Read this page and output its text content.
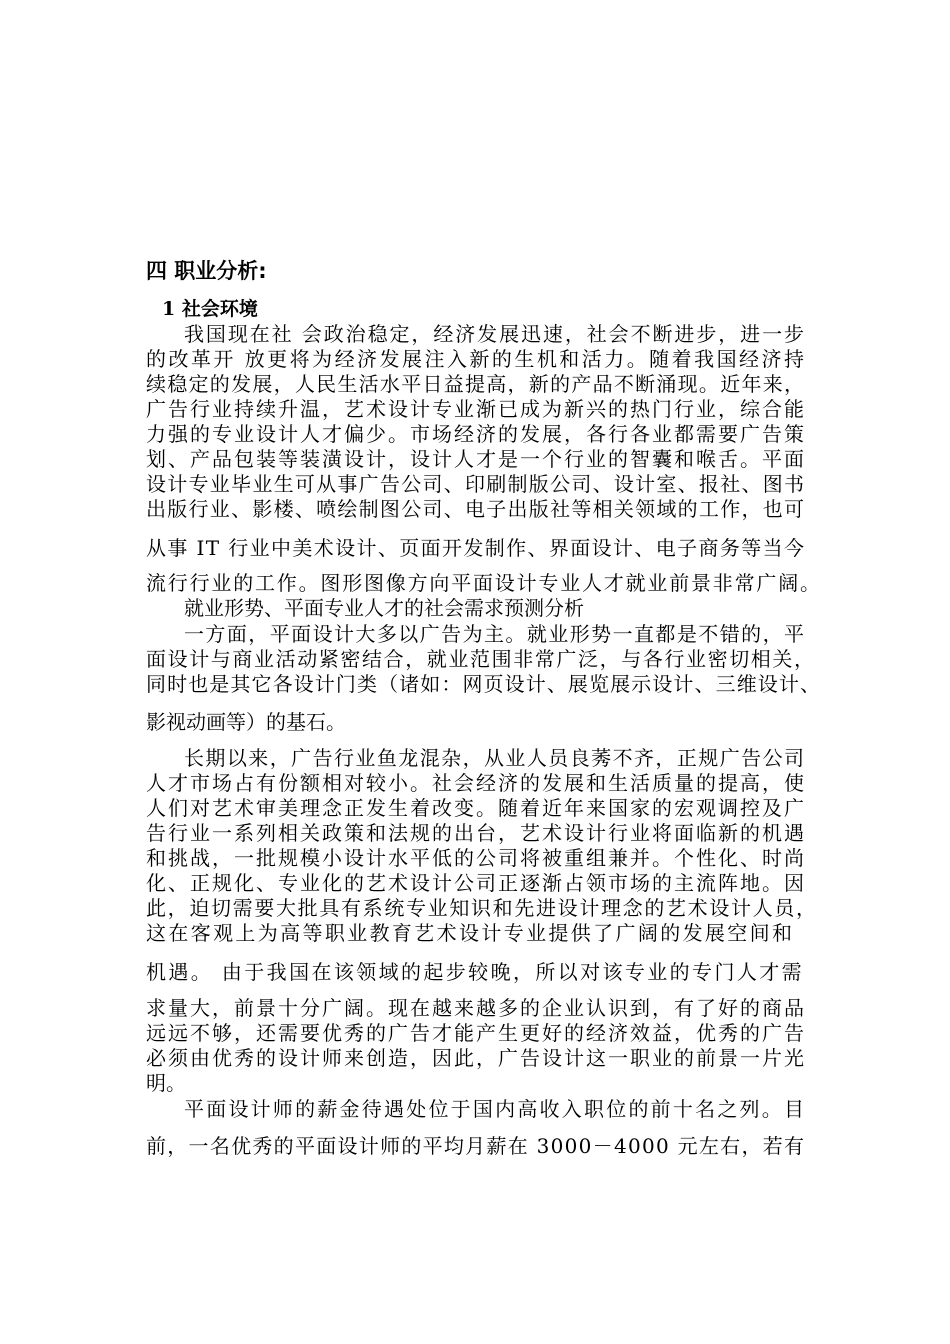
四 职业分析:
1 社会环境
我国现在社 会政治稳定，经济发展迅速，社会不断进步，进一步
的改革开 放更将为经济发展注入新的生机和活力。随着我国经济持
续稳定的发展，人民生活水平日益提高，新的产品不断涌现。近年来，
广告行业持续升温，艺术设计专业渐已成为新兴的热门行业，综合能
力强的专业设计人才偏少。市场经济的发展，各行各业都需要广告策
划、产品包装等装潢设计，设计人才是一个行业的智囊和喉舌。平面
设计专业毕业生可从事广告公司、印刷制版公司、设计室、报社、图书
出版行业、影楼、喷绘制图公司、电子出版社等相关领域的工作，也可
从事 IT 行业中美术设计、页面开发制作、界面设计、电子商务等当今
流行行业的工作。图形图像方向平面设计专业人才就业前景非常广阔。
就业形势、平面专业人才的社会需求预测分析
一方面，平面设计大多以广告为主。就业形势一直都是不错的，平
面设计与商业活动紧密结合，就业范围非常广泛，与各行业密切相关，
同时也是其它各设计门类（诸如：网页设计、展览展示设计、三维设计、
影视动画等）的基石。
长期以来，广告行业鱼龙混杂，从业人员良莠不齐，正规广告公司
人才市场占有份额相对较小。社会经济的发展和生活质量的提高，使
人们对艺术审美理念正发生着改变。随着近年来国家的宏观调控及广
告行业一系列相关政策和法规的出台，艺术设计行业将面临新的机遇
和挑战，一批规模小设计水平低的公司将被重组兼并。个性化、时尚
化、正规化、专业化的艺术设计公司正逐渐占领市场的主流阵地。因
此，迫切需要大批具有系统专业知识和先进设计理念的艺术设计人员，
这在客观上为高等职业教育艺术设计专业提供了广阔的发展空间和
机遇。 由于我国在该领域的起步较晚，所以对该专业的专门人才需
求量大，前景十分广阔。现在越来越多的企业认识到，有了好的商品
远远不够，还需要优秀的广告才能产生更好的经济效益，优秀的广告
必须由优秀的设计师来创造，因此，广告设计这一职业的前景一片光
明。
平面设计师的薪金待遇处位于国内高收入职位的前十名之列。目
前，一名优秀的平面设计师的平均月薪在 3000－4000 元左右，若有
